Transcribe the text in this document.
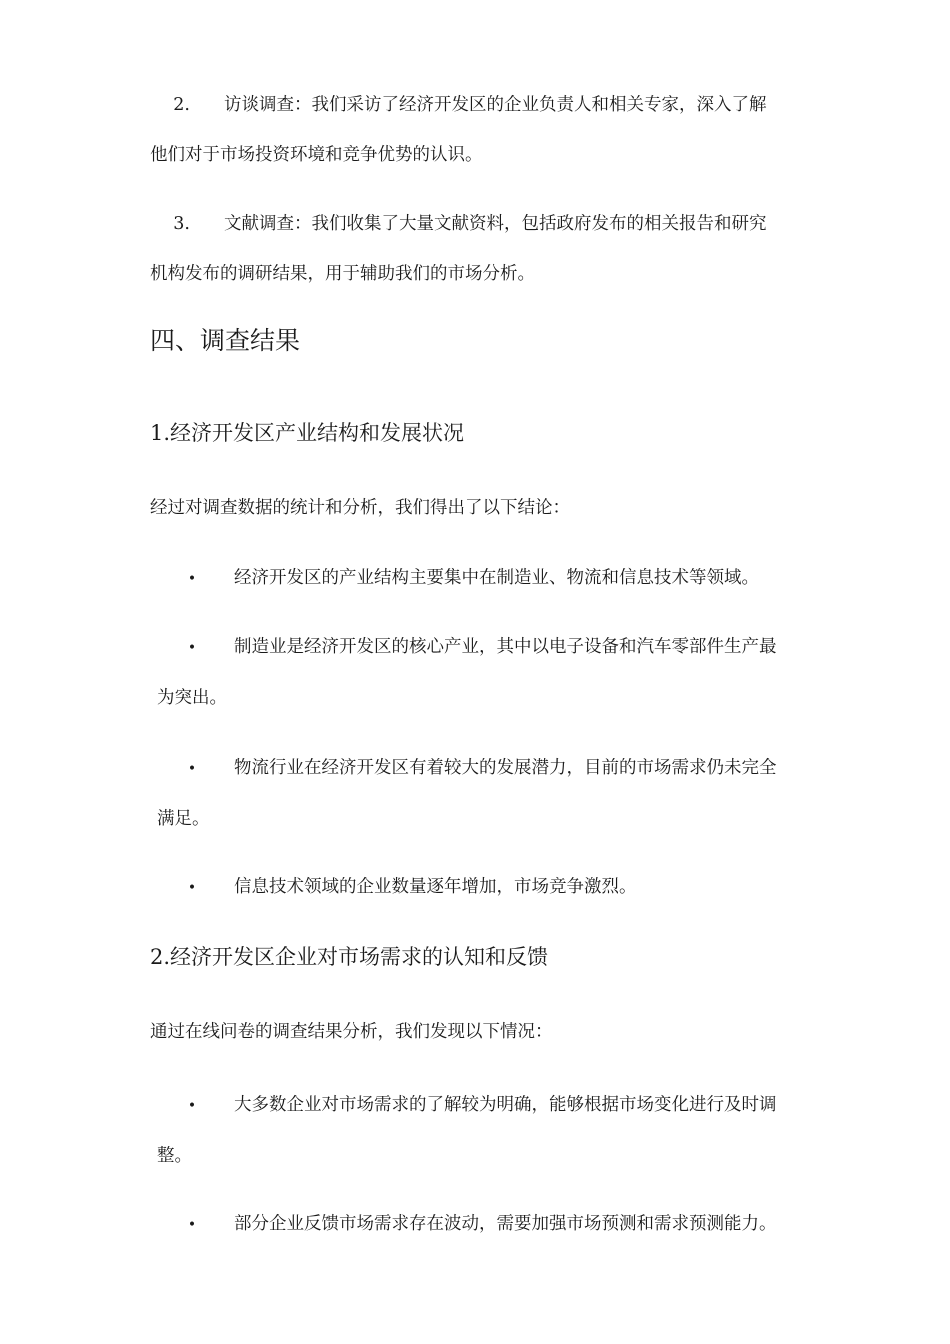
2. 访谈调查：我们采访了经济开发区的企业负责人和相关专家，深入了解
他们对于市场投资环境和竞争优势的认识。
3. 文献调查：我们收集了大量文献资料，包括政府发布的相关报告和研究
机构发布的调研结果，用于辅助我们的市场分析。
四、调查结果
1.经济开发区产业结构和发展状况
经过对调查数据的统计和分析，我们得出了以下结论：
• 经济开发区的产业结构主要集中在制造业、物流和信息技术等领域。
• 制造业是经济开发区的核心产业，其中以电子设备和汽车零部件生产最
为突出。
• 物流行业在经济开发区有着较大的发展潜力，目前的市场需求仍未完全
满足。
• 信息技术领域的企业数量逐年增加，市场竞争激烈。
2.经济开发区企业对市场需求的认知和反馈
通过在线问卷的调查结果分析，我们发现以下情况：
• 大多数企业对市场需求的了解较为明确，能够根据市场变化进行及时调
整。
• 部分企业反馈市场需求存在波动，需要加强市场预测和需求预测能力。
